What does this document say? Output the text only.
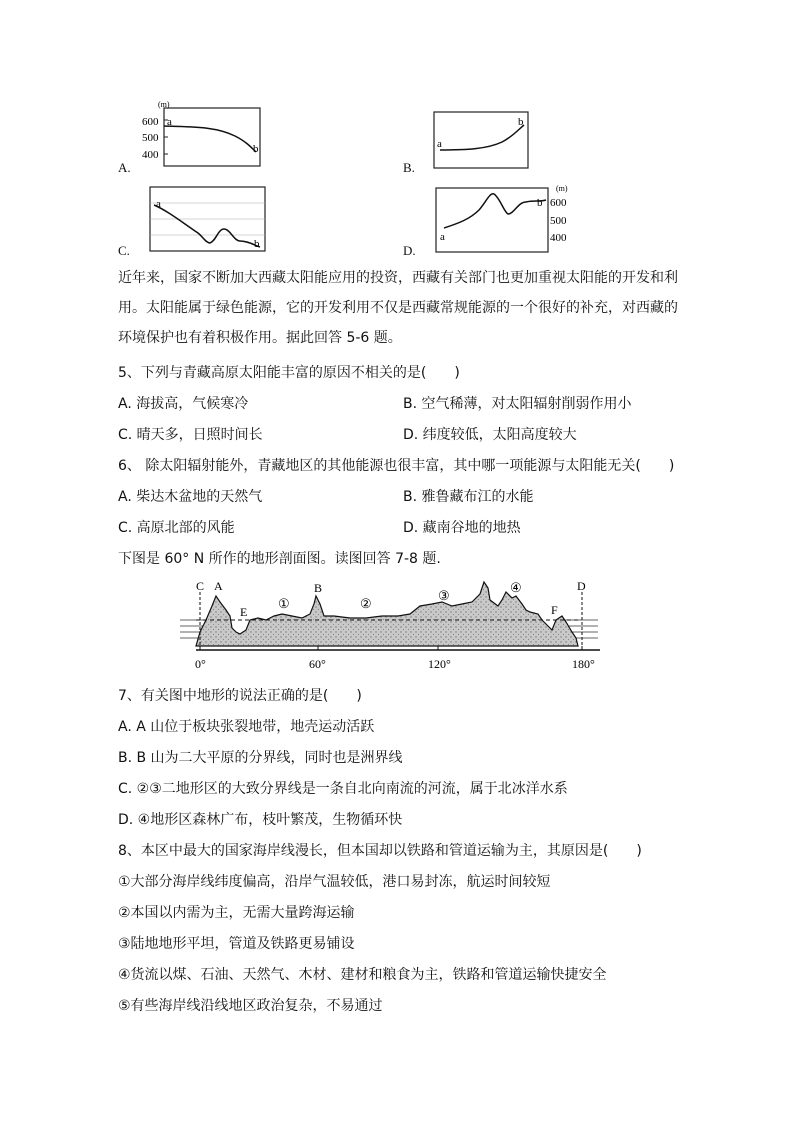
A.
(m)
600
500
400
a
b
B.
a
b
C.
a
b	D.
(m)
600
500
400
a
b
近年来，国家不断加大西藏太阳能应用的投资，西藏有关部门也更加重视太阳能的开发和利
用。太阳能属于绿色能源，它的开发利用不仅是西藏常规能源的一个很好的补充，对西藏的
环境保护也有着积极作用。据此回答 5-6 题。
5、下列与青藏高原太阳能丰富的原因不相关的是(　　)
A. 海拔高，气候寒冷	B. 空气稀薄，对太阳辐射削弱作用小
C. 晴天多，日照时间长	D. 纬度较低，太阳高度较大
6、 除太阳辐射能外，青藏地区的其他能源也很丰富，其中哪一项能源与太阳能无关(　　)
A. 柴达木盆地的天然气	B. 雅鲁藏布江的水能
C. 高原北部的风能	D. 藏南谷地的地热
下图是 60° N 所作的地形剖面图。读图回答 7-8 题.
C A
E
B
F
D
①	②
③
④
0°	60°	120°	180°
7、有关图中地形的说法正确的是(　　)
A. A 山位于板块张裂地带，地壳运动活跃
B. B 山为二大平原的分界线，同时也是洲界线
C. ②③二地形区的大致分界线是一条自北向南流的河流，属于北冰洋水系
D. ④地形区森林广布，枝叶繁茂，生物循环快
8、本区中最大的国家海岸线漫长，但本国却以铁路和管道运输为主，其原因是(　　)
①大部分海岸线纬度偏高，沿岸气温较低，港口易封冻，航运时间较短
②本国以内需为主，无需大量跨海运输
③陆地地形平坦，管道及铁路更易铺设
④货流以煤、石油、天然气、木材、建材和粮食为主，铁路和管道运输快捷安全
⑤有些海岸线沿线地区政治复杂，不易通过
